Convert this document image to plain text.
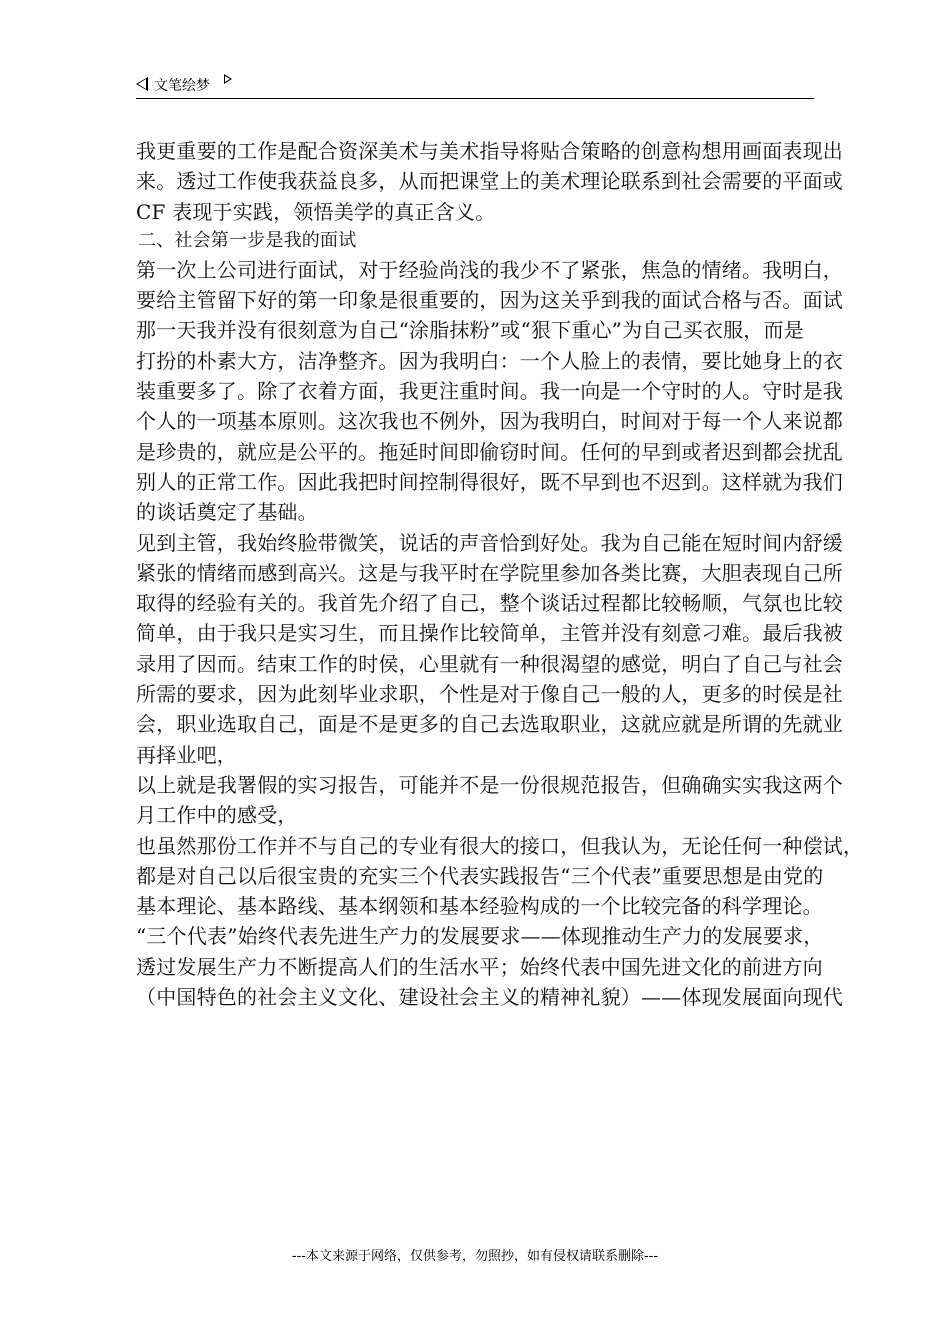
文笔绘梦
我更重要的工作是配合资深美术与美术指导将贴合策略的创意构想用画面表现出
来。透过工作使我获益良多，从而把课堂上的美术理论联系到社会需要的平面或
CF 表现于实践，领悟美学的真正含义。
二、社会第一步是我的面试
第一次上公司进行面试，对于经验尚浅的我少不了紧张，焦急的情绪。我明白，
要给主管留下好的第一印象是很重要的，因为这关乎到我的面试合格与否。面试
那一天我并没有很刻意为自己“涂脂抹粉”或“狠下重心”为自己买衣服，而是
打扮的朴素大方，洁净整齐。因为我明白：一个人脸上的表情，要比她身上的衣
装重要多了。除了衣着方面，我更注重时间。我一向是一个守时的人。守时是我
个人的一项基本原则。这次我也不例外，因为我明白，时间对于每一个人来说都
是珍贵的，就应是公平的。拖延时间即偷窃时间。任何的早到或者迟到都会扰乱
别人的正常工作。因此我把时间控制得很好，既不早到也不迟到。这样就为我们
的谈话奠定了基础。
见到主管，我始终脸带微笑，说话的声音恰到好处。我为自己能在短时间内舒缓
紧张的情绪而感到高兴。这是与我平时在学院里参加各类比赛，大胆表现自己所
取得的经验有关的。我首先介绍了自己，整个谈话过程都比较畅顺，气氛也比较
简单，由于我只是实习生，而且操作比较简单，主管并没有刻意刁难。最后我被
录用了因而。结束工作的时侯，心里就有一种很渴望的感觉，明白了自己与社会
所需的要求，因为此刻毕业求职，个性是对于像自己一般的人，更多的时侯是社
会，职业选取自己，面是不是更多的自己去选取职业，这就应就是所谓的先就业
再择业吧，
以上就是我署假的实习报告，可能并不是一份很规范报告，但确确实实我这两个
月工作中的感受，
也虽然那份工作并不与自己的专业有很大的接口，但我认为，无论任何一种偿试，
都是对自己以后很宝贵的充实三个代表实践报告“三个代表”重要思想是由党的
基本理论、基本路线、基本纲领和基本经验构成的一个比较完备的科学理论。
“三个代表”始终代表先进生产力的发展要求——体现推动生产力的发展要求，
透过发展生产力不断提高人们的生活水平；始终代表中国先进文化的前进方向
（中国特色的社会主义文化、建设社会主义的精神礼貌）——体现发展面向现代
---本文来源于网络，仅供参考，勿照抄，如有侵权请联系删除---
